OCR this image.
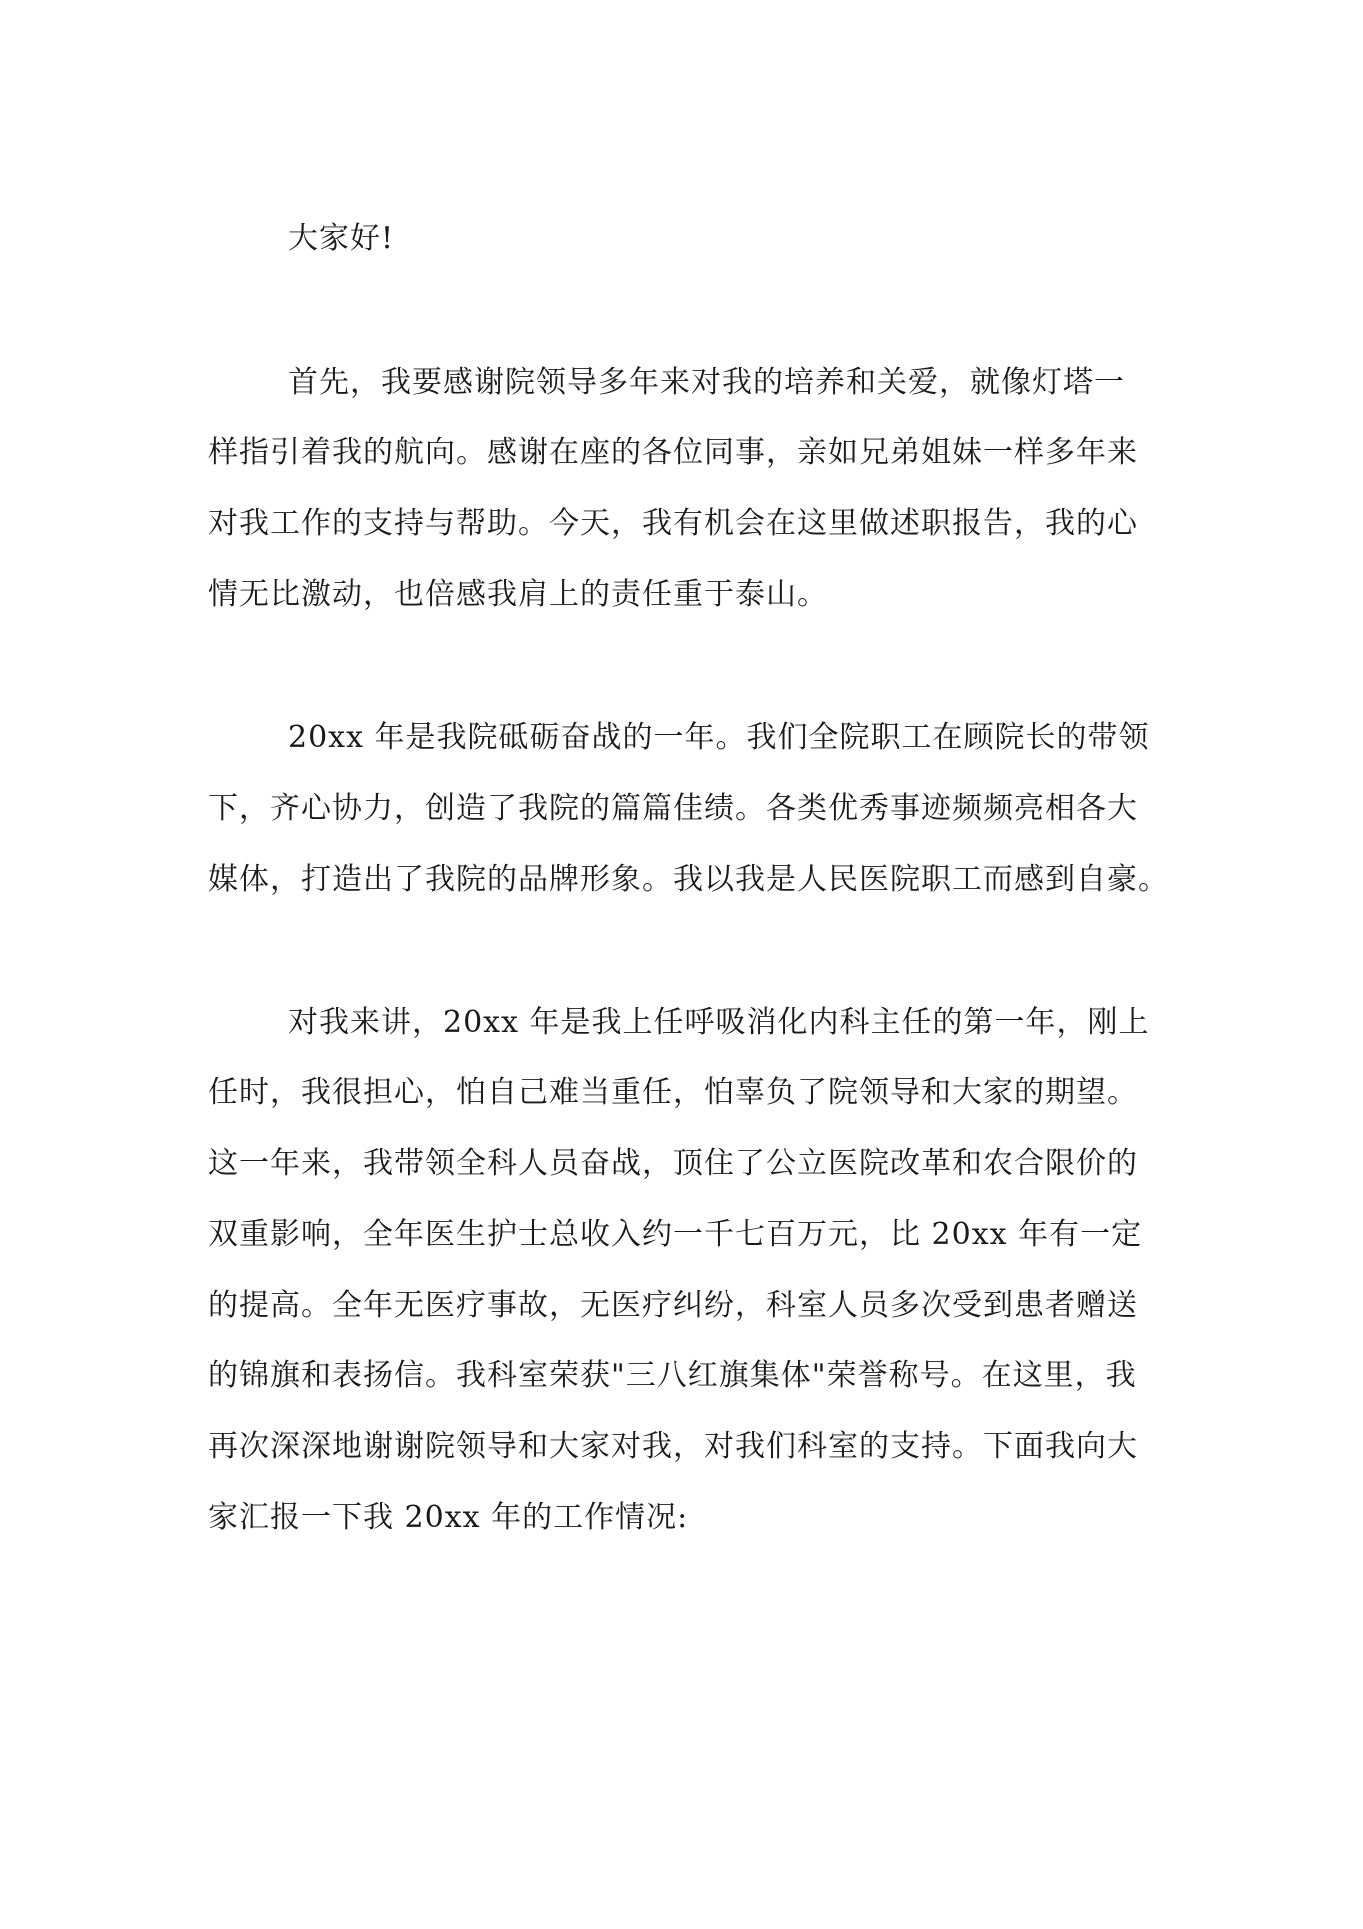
大家好!
首先，我要感谢院领导多年来对我的培养和关爱，就像灯塔一
样指引着我的航向。感谢在座的各位同事，亲如兄弟姐妹一样多年来
对我工作的支持与帮助。今天，我有机会在这里做述职报告，我的心
情无比激动，也倍感我肩上的责任重于泰山。
20xx 年是我院砥砺奋战的一年。我们全院职工在顾院长的带领
下，齐心协力，创造了我院的篇篇佳绩。各类优秀事迹频频亮相各大
媒体，打造出了我院的品牌形象。我以我是人民医院职工而感到自豪。
对我来讲，20xx 年是我上任呼吸消化内科主任的第一年，刚上
任时，我很担心，怕自己难当重任，怕辜负了院领导和大家的期望。
这一年来，我带领全科人员奋战，顶住了公立医院改革和农合限价的
双重影响，全年医生护士总收入约一千七百万元，比 20xx 年有一定
的提高。全年无医疗事故，无医疗纠纷，科室人员多次受到患者赠送
的锦旗和表扬信。我科室荣获"三八红旗集体"荣誉称号。在这里，我
再次深深地谢谢院领导和大家对我，对我们科室的支持。下面我向大
家汇报一下我 20xx 年的工作情况:
